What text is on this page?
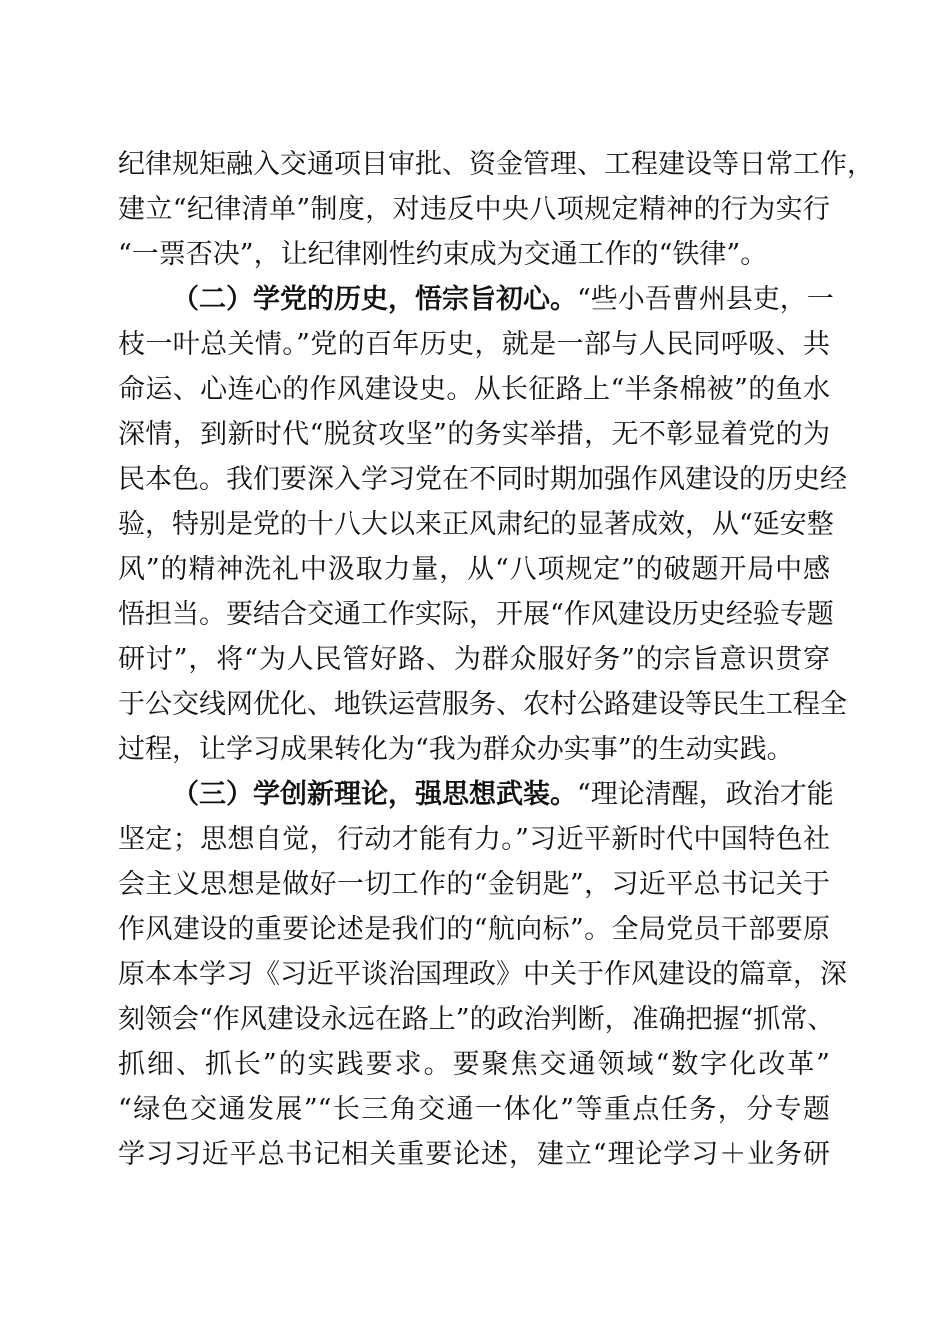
纪律规矩融入交通项目审批、资金管理、工程建设等日常工作，
建立“纪律清单”制度，对违反中央八项规定精神的行为实行
“一票否决”，让纪律刚性约束成为交通工作的“铁律”。
（二）学党的历史，悟宗旨初心。“些小吾曹州县吏，一
枝一叶总关情。”党的百年历史，就是一部与人民同呼吸、共
命运、心连心的作风建设史。从长征路上“半条棉被”的鱼水
深情，到新时代“脱贫攻坚”的务实举措，无不彰显着党的为
民本色。我们要深入学习党在不同时期加强作风建设的历史经
验，特别是党的十八大以来正风肃纪的显著成效，从“延安整
风”的精神洗礼中汲取力量，从“八项规定”的破题开局中感
悟担当。要结合交通工作实际，开展“作风建设历史经验专题
研讨”，将“为人民管好路、为群众服好务”的宗旨意识贯穿
于公交线网优化、地铁运营服务、农村公路建设等民生工程全
过程，让学习成果转化为“我为群众办实事”的生动实践。
（三）学创新理论，强思想武装。“理论清醒，政治才能
坚定；思想自觉，行动才能有力。”习近平新时代中国特色社
会主义思想是做好一切工作的“金钥匙”，习近平总书记关于
作风建设的重要论述是我们的“航向标”。全局党员干部要原
原本本学习《习近平谈治国理政》中关于作风建设的篇章，深
刻领会“作风建设永远在路上”的政治判断，准确把握“抓常、
抓细、抓长”的实践要求。要聚焦交通领域“数字化改革”
“绿色交通发展”“长三角交通一体化”等重点任务，分专题
学习习近平总书记相关重要论述，建立“理论学习＋业务研
